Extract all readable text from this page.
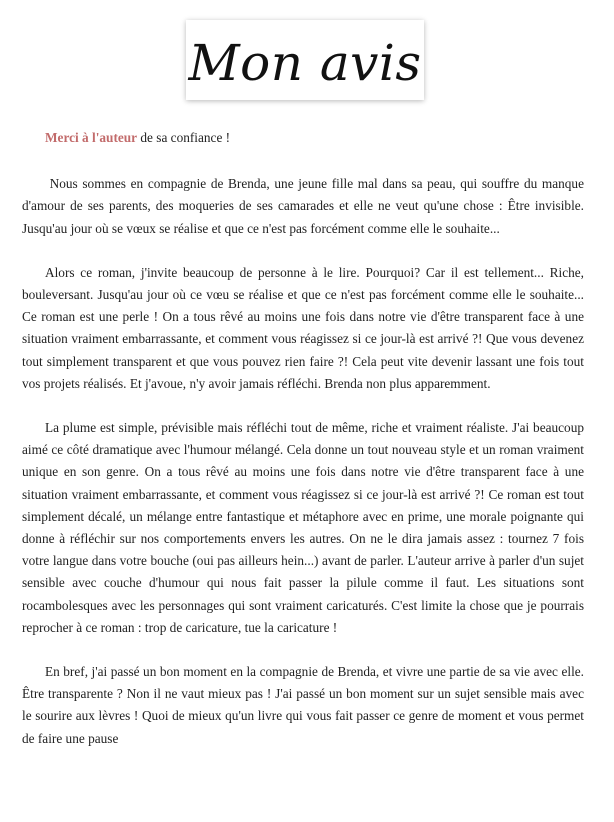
Mon avis

Merci à l'auteur de sa confiance !

Nous sommes en compagnie de Brenda, une jeune fille mal dans sa peau, qui souffre du manque d'amour de ses parents, des moqueries de ses camarades et elle ne veut qu'une chose : Être invisible. Jusqu'au jour où se vœux se réalise et que ce n'est pas forcément comme elle le souhaite...

Alors ce roman, j'invite beaucoup de personne à le lire. Pourquoi? Car il est tellement... Riche, bouleversant. Jusqu'au jour où ce vœu se réalise et que ce n'est pas forcément comme elle le souhaite... Ce roman est une perle ! On a tous rêvé au moins une fois dans notre vie d'être transparent face à une situation vraiment embarrassante, et comment vous réagissez si ce jour-là est arrivé ?! Que vous devenez tout simplement transparent et que vous pouvez rien faire ?! Cela peut vite devenir lassant une fois tout vos projets réalisés. Et j'avoue, n'y avoir jamais réfléchi. Brenda non plus apparemment.

La plume est simple, prévisible mais réfléchi tout de même, riche et vraiment réaliste. J'ai beaucoup aimé ce côté dramatique avec l'humour mélangé. Cela donne un tout nouveau style et un roman vraiment unique en son genre. On a tous rêvé au moins une fois dans notre vie d'être transparent face à une situation vraiment embarrassante, et comment vous réagissez si ce jour-là est arrivé ?! Ce roman est tout simplement décalé, un mélange entre fantastique et métaphore avec en prime, une morale poignante qui donne à réfléchir sur nos comportements envers les autres. On ne le dira jamais assez : tournez 7 fois votre langue dans votre bouche (oui pas ailleurs hein...) avant de parler. L'auteur arrive à parler d'un sujet sensible avec couche d'humour qui nous fait passer la pilule comme il faut. Les situations sont rocambolesques avec les personnages qui sont vraiment caricaturés. C'est limite la chose que je pourrais reprocher à ce roman : trop de caricature, tue la caricature !

En bref, j'ai passé un bon moment en la compagnie de Brenda, et vivre une partie de sa vie avec elle. Être transparente ? Non il ne vaut mieux pas ! J'ai passé un bon moment sur un sujet sensible mais avec le sourire aux lèvres ! Quoi de mieux qu'un livre qui vous fait passer ce genre de moment et vous permet de faire une pause
